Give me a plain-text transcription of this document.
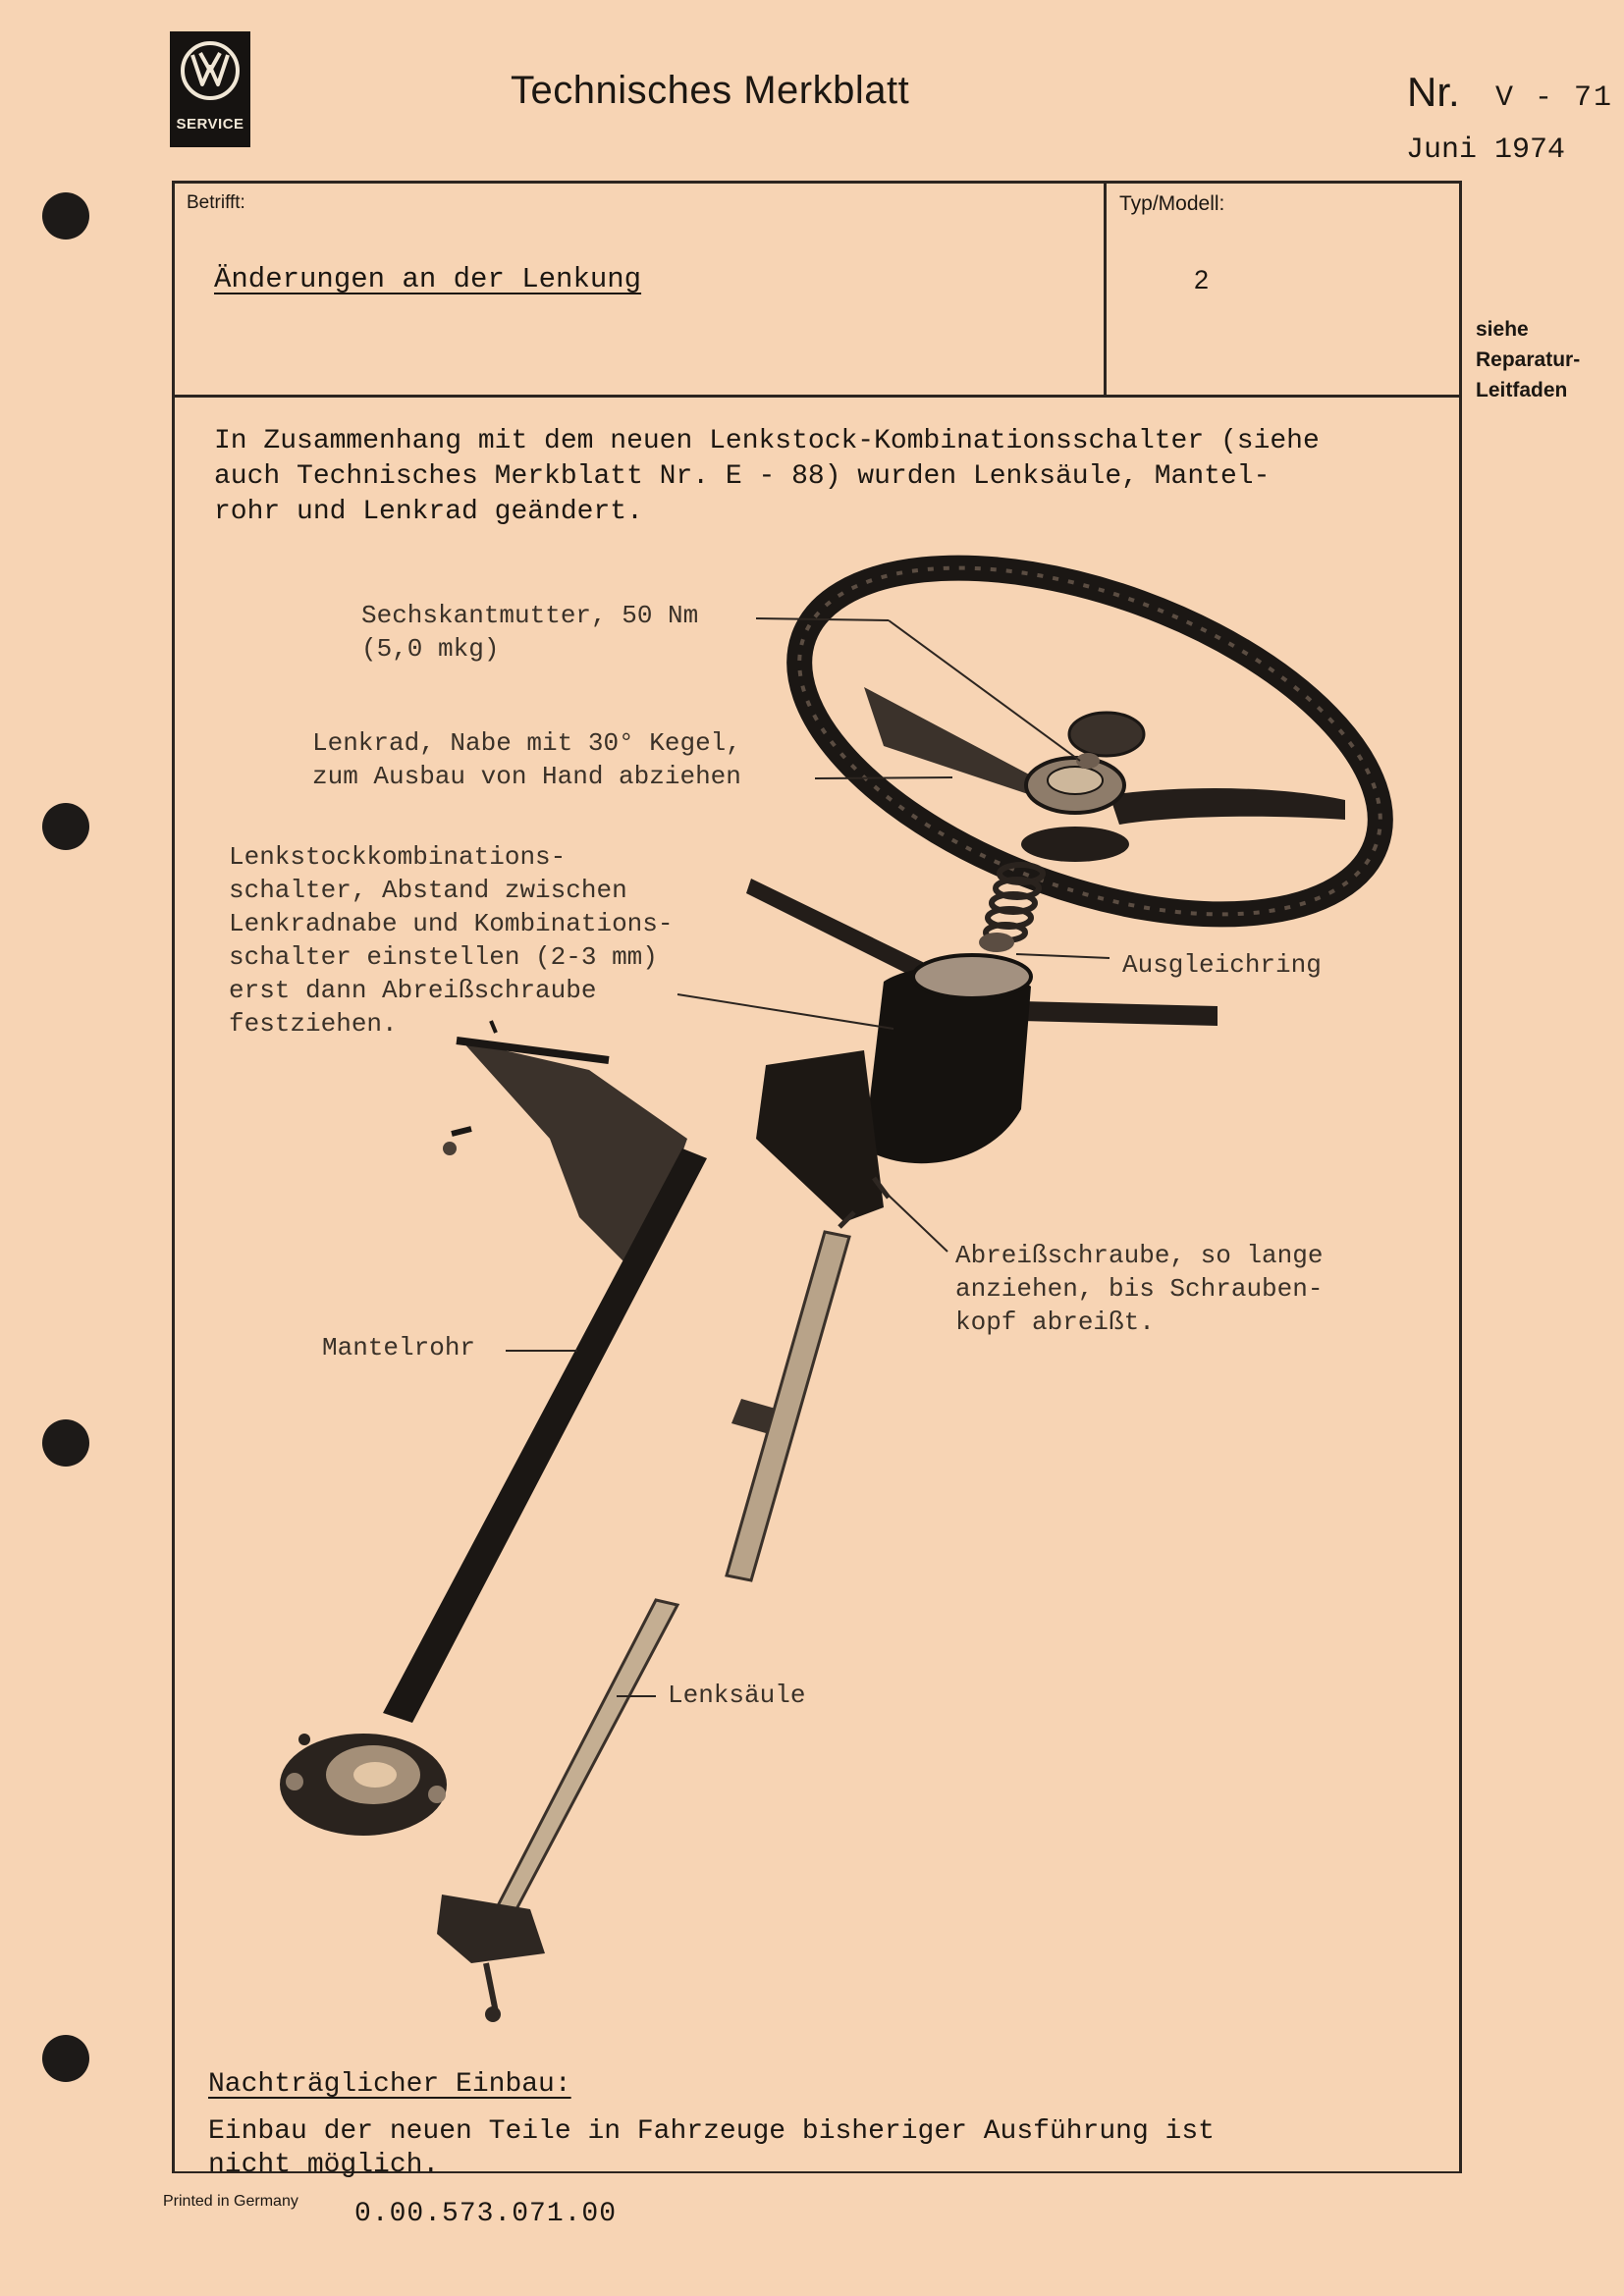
SERVICE
Technisches Merkblatt	Nr. V - 71
Juni 1974
Betrifft:
Änderungen an der Lenkung
Typ/Modell:
2
siehe
Reparatur-
Leitfaden
In Zusammenhang mit dem neuen Lenkstock-Kombinationsschalter (siehe
auch Technisches Merkblatt Nr. E - 88) wurden Lenksäule, Mantel-
rohr und Lenkrad geändert.
Sechskantmutter, 50 Nm
(5,0 mkg)
Lenkrad, Nabe mit 30° Kegel,
zum Ausbau von Hand abziehen
Lenkstockkombinations-
schalter, Abstand zwischen
Lenkradnabe und Kombinations-
schalter einstellen (2-3 mm)
erst dann Abreißschraube
festziehen.
Ausgleichring
Abreißschraube, so lange
anziehen, bis Schrauben-
kopf abreißt.
Mantelrohr
Lenksäule
Nachträglicher Einbau:
Einbau der neuen Teile in Fahrzeuge bisheriger Ausführung ist
nicht möglich.
Printed in Germany 0.00.573.071.00
